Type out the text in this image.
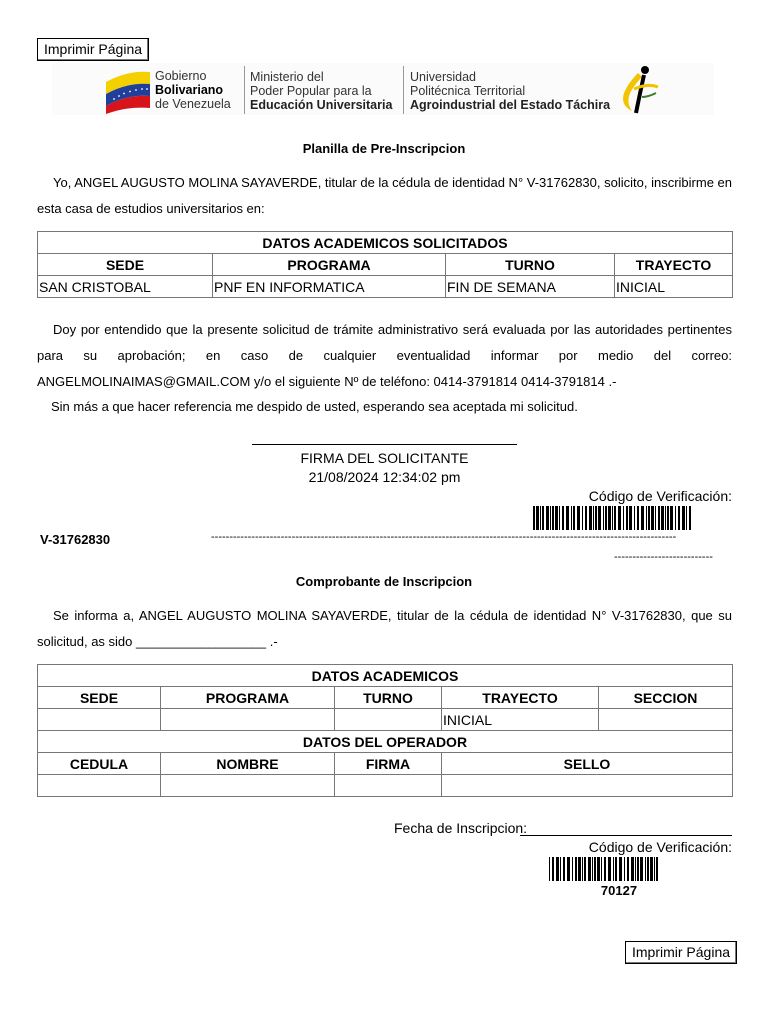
Imprimir Página
Gobierno
Bolivariano
de Venezuela
Ministerio del
Poder Popular para la
Educación Universitaria
Universidad
Politécnica Territorial
Agroindustrial del Estado Táchira
Planilla de Pre-Inscripcion

Yo, ANGEL AUGUSTO MOLINA SAYAVERDE, titular de la cédula de identidad N° V-31762830, solicito, inscribirme en esta casa de estudios universitarios en:

DATOS ACADEMICOS SOLICITADOS			
SEDE	PROGRAMA	TURNO	TRAYECTO
SAN CRISTOBAL	PNF EN INFORMATICA	FIN DE SEMANA	INICIAL

Doy por entendido que la presente solicitud de trámite administrativo será evaluada por las autoridades pertinentes para su aprobación; en caso de cualquier eventualidad informar por medio del correo: ANGELMOLINAIMAS@GMAIL.COM y/o el siguiente Nº de teléfono: 0414-3791814 0414-3791814 .-

Sin más a que hacer referencia me despido de usted, esperando sea aceptada mi solicitud.

FIRMA DEL SOLICITANTE
21/08/2024 12:34:02 pm
Código de Verificación:
V-31762830	-------------------------------------------------------------------------------------------------------------------------------
---------------------------
Comprobante de Inscripcion

Se informa a, ANGEL AUGUSTO MOLINA SAYAVERDE, titular de la cédula de identidad N° V-31762830, que su solicitud, as sido __________________ .-

DATOS ACADEMICOS				
SEDE	PROGRAMA	TURNO	TRAYECTO	SECCION
			INICIAL	
DATOS DEL OPERADOR				
CEDULA	NOMBRE	FIRMA	SELLO	

Fecha de Inscripcion:
Código de Verificación:
70127
Imprimir Página
